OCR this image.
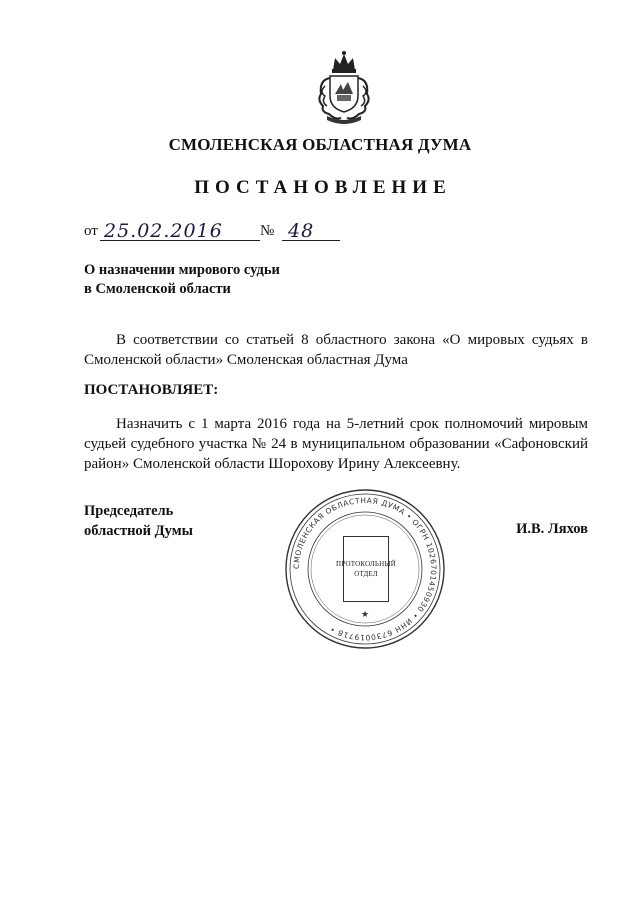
СМОЛЕНСКАЯ ОБЛАСТНАЯ ДУМА
ПОСТАНОВЛЕНИЕ
от 25.02.2016 № 48
О назначении мирового судьи
в Смоленской области
В соответствии со статьей 8 областного закона «О мировых судьях в Смоленской области» Смоленская областная Дума
ПОСТАНОВЛЯЕТ:
Назначить с 1 марта 2016 года на 5-летний срок полномочий мировым судьей судебного участка № 24 в муниципальном образовании «Сафоновский район» Смоленской области Шорохову Ирину Алексеевну.
Председатель
областной Думы	И.В. Ляхов
СМОЛЕНСКАЯ ОБЛАСТНАЯ ДУМА • ОГРН 1026701450930 • ИНН 6730019718 •
★
ПРОТОКОЛЬНЫЙ
ОТДЕЛ
